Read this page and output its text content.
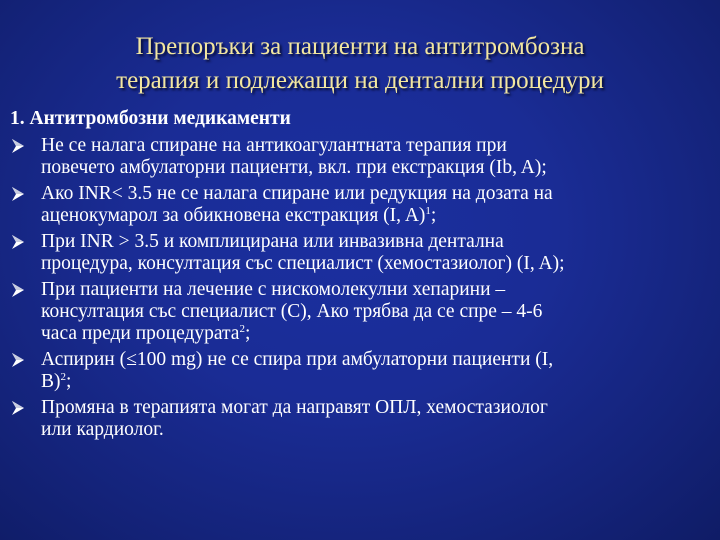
Препоръки за пациенти на антитромбозна
терапия и подлежащи на дентални процедури
1. Антитромбозни медикаменти
Не се налага спиране на антикоагулантната терапия при
повечето амбулаторни пациенти, вкл. при екстракция (Ib, A);
Ако INR< 3.5 не се налага спиране или редукция на дозата на
аценокумарол за обикновена екcтракция (I, A)$^1$;
При INR > 3.5 и комплицирана или инвазивна дентална
процедура, консултация със специалист (хемостазиолог) (I, A);
При пациенти на лечение с нискомолекулни хепарини –
консултация със специалист (C), Ако трябва да се спре – 4-6
часа преди процедурата$^2$;
Аспирин (≤100 mg) не се спира при амбулаторни пациенти (I,
B)$^2$;
Промяна в терапията могат да направят ОПЛ, хемостазиолог
или кардиолог.
